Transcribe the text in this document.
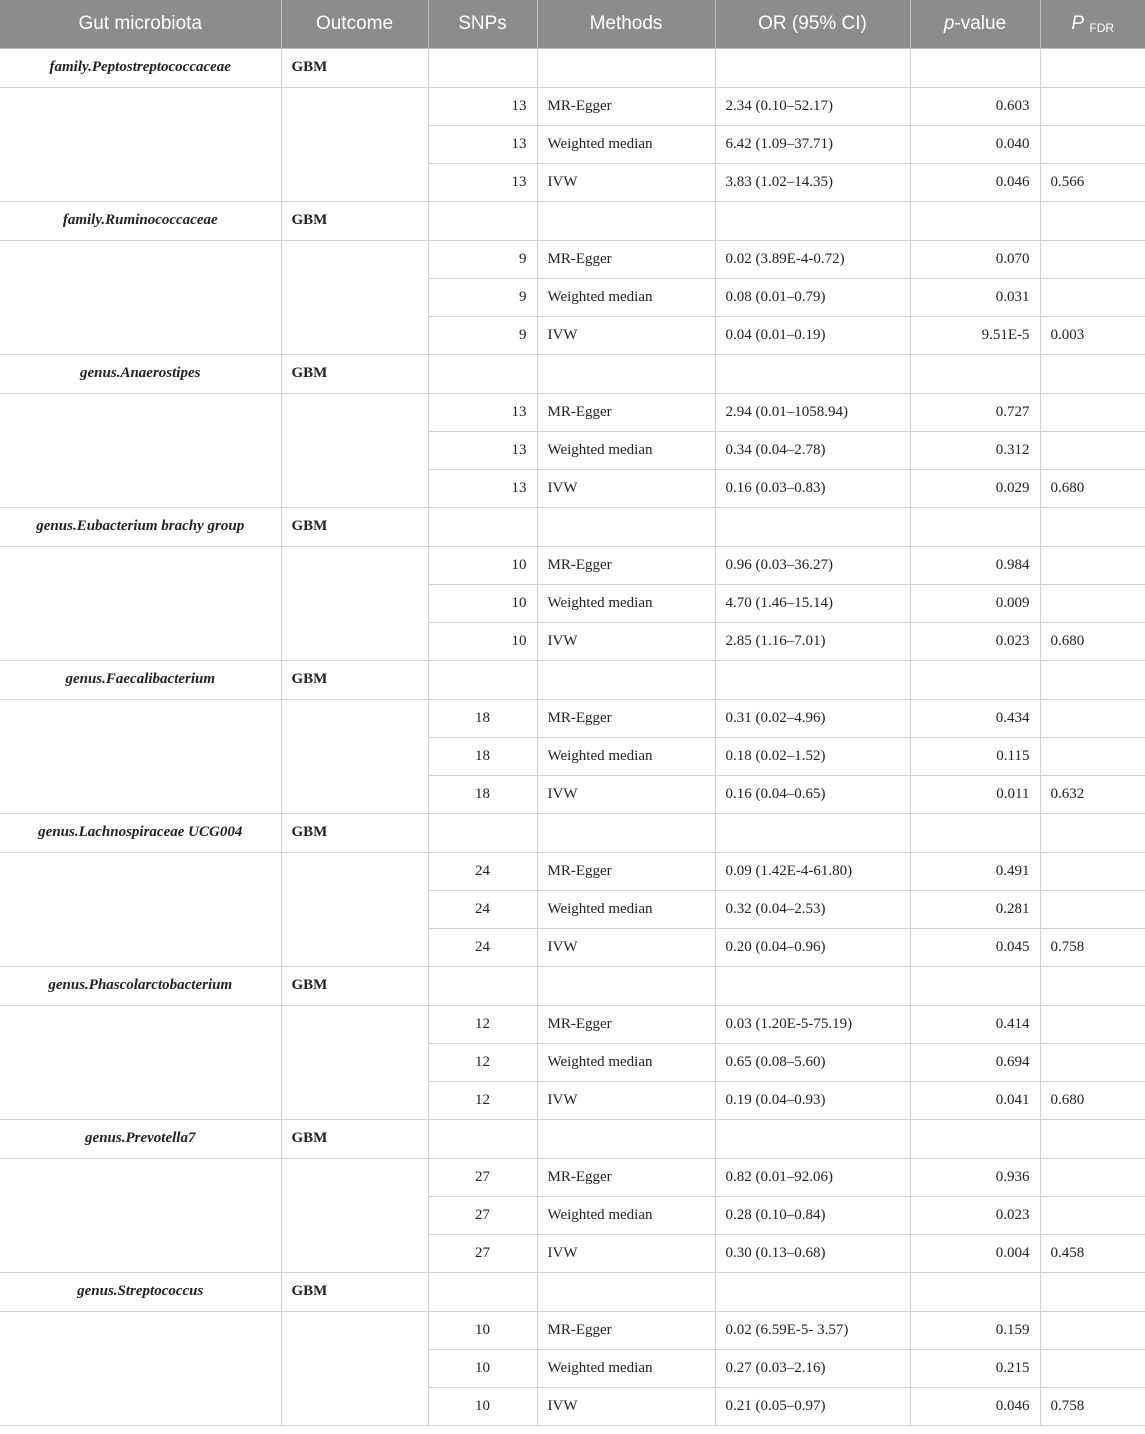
Gut microbiota	Outcome	SNPs	Methods	OR (95% CI)	p-value	P $_{FDR}$
family.Peptostreptococcaceae	GBM					
		13	MR-Egger	2.34 (0.10–52.17)	0.603	
		13	Weighted median	6.42 (1.09–37.71)	0.040	
		13	IVW	3.83 (1.02–14.35)	0.046	0.566
family.Ruminococcaceae	GBM					
		9	MR-Egger	0.02 (3.89E-4-0.72)	0.070	
		9	Weighted median	0.08 (0.01–0.79)	0.031	
		9	IVW	0.04 (0.01–0.19)	9.51E-5	0.003
genus.Anaerostipes	GBM					
		13	MR-Egger	2.94 (0.01–1058.94)	0.727	
		13	Weighted median	0.34 (0.04–2.78)	0.312	
		13	IVW	0.16 (0.03–0.83)	0.029	0.680
genus.Eubacterium brachy group	GBM					
		10	MR-Egger	0.96 (0.03–36.27)	0.984	
		10	Weighted median	4.70 (1.46–15.14)	0.009	
		10	IVW	2.85 (1.16–7.01)	0.023	0.680
genus.Faecalibacterium	GBM					
		18	MR-Egger	0.31 (0.02–4.96)	0.434	
		18	Weighted median	0.18 (0.02–1.52)	0.115	
		18	IVW	0.16 (0.04–0.65)	0.011	0.632
genus.Lachnospiraceae UCG004	GBM					
		24	MR-Egger	0.09 (1.42E-4-61.80)	0.491	
		24	Weighted median	0.32 (0.04–2.53)	0.281	
		24	IVW	0.20 (0.04–0.96)	0.045	0.758
genus.Phascolarctobacterium	GBM					
		12	MR-Egger	0.03 (1.20E-5-75.19)	0.414	
		12	Weighted median	0.65 (0.08–5.60)	0.694	
		12	IVW	0.19 (0.04–0.93)	0.041	0.680
genus.Prevotella7	GBM					
		27	MR-Egger	0.82 (0.01–92.06)	0.936	
		27	Weighted median	0.28 (0.10–0.84)	0.023	
		27	IVW	0.30 (0.13–0.68)	0.004	0.458
genus.Streptococcus	GBM					
		10	MR-Egger	0.02 (6.59E-5- 3.57)	0.159	
		10	Weighted median	0.27 (0.03–2.16)	0.215	
		10	IVW	0.21 (0.05–0.97)	0.046	0.758
